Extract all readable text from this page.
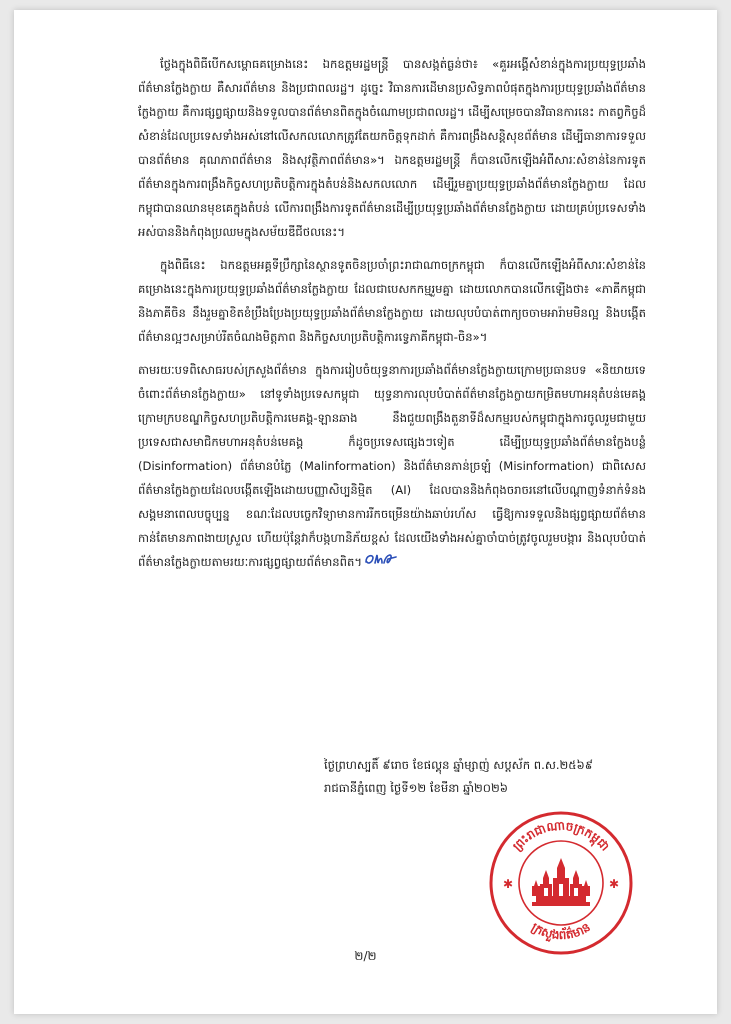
ថ្លែងក្នុងពិធីបើកសម្ពោធគម្រោងនេះ ឯកឧត្តមរដ្ឋមន្ត្រី បានសង្កត់ធ្ងន់ថា៖ «គួរអង្គើសំខាន់ក្នុងការប្រយុទ្ធប្រឆាំងព័ត៌មានក្លែងក្លាយ គឺសារព័ត៌មាន និងប្រជាពលរដ្ឋ។ ដូច្នេះ វិធានការដើមានប្រសិទ្ធភាពបំផុតក្នុងការប្រយុទ្ធប្រឆាំងព័ត៌មានក្លែងក្លាយ គឺការផ្សព្វផ្សាយនិងទទួលបានព័ត៌មានពិតក្នុងចំណោមប្រជាពលរដ្ឋ។ ដើម្បីសម្រេចបានវិធានការនេះ កាតព្វកិច្ចដ៏សំខាន់ដែលប្រទេសទាំងអស់នៅលើសកលលោកត្រូវតែយកចិត្តទុកដាក់ គឺការពង្រឹងសន្តិសុខព័ត៌មាន ដើម្បីធានាការទទួលបានព័ត៌មាន គុណភាពព័ត៌មាន និងសុវត្ថិភាពព័ត៌មាន»។ ឯកឧត្តមរដ្ឋមន្ត្រី ក៏បានលើកឡើងអំពីសារៈសំខាន់នៃការទូតព័ត៌មានក្នុងការពង្រឹងកិច្ចសហប្រតិបត្តិការក្នុងតំបន់និងសកលលោក ដើម្បីរួមគ្នាប្រយុទ្ធប្រឆាំងព័ត៌មានក្លែងក្លាយ ដែលកម្ពុជាបានឈានមុខគេក្នុងតំបន់ លើការពង្រឹងការទូតព័ត៌មានដើម្បីប្រយុទ្ធប្រឆាំងព័ត៌មានក្លែងក្លាយ ដោយគ្រប់ប្រទេសទាំងអស់បាននិងកំពុងប្រឈមក្នុងសម័យឌីជីថលនេះ។

ក្នុងពិធីនេះ ឯកឧត្តមអគ្គទីប្រឹក្សានៃស្ថានទូតចិនប្រចាំព្រះរាជាណាចក្រកម្ពុជា ក៏បានលើកឡើងអំពីសារៈសំខាន់នៃគម្រោងនេះក្នុងការប្រយុទ្ធប្រឆាំងព័ត៌មានក្លែងក្លាយ ដែលជាបេសកកម្មរួមគ្នា ដោយលោកបានលើកឡើងថា៖ «ភាគីកម្ពុជា និងភាគីចិន នឹងរួមគ្នាខិតខំប្រឹងប្រែងប្រយុទ្ធប្រឆាំងព័ត៌មានក្លែងក្លាយ ដោយលុបបំបាត់ពាក្យចចាមអារ៉ាមមិនល្អ និងបង្កើតព័ត៌មានល្អៗសម្រាប់រីតចំណងមិត្តភាព និងកិច្ចសហប្រតិបត្តិការទ្វេភាគីកម្ពុជា-ចិន»។

តាមរយៈបទពិសោធរបស់ក្រសួងព័ត៌មាន ក្នុងការរៀបចំយុទ្ធនាការប្រឆាំងព័ត៌មានក្លែងក្លាយក្រោមប្រធានបទ «និយាយទេ ចំពោះព័ត៌មានក្លែងក្លាយ» នៅទូទាំងប្រទេសកម្ពុជា យុទ្ធនាការលុបបំបាត់ព័ត៌មានក្លែងក្លាយកម្រិតមហាអនុតំបន់មេគង្គ ក្រោមក្របខណ្ឌកិច្ចសហប្រតិបត្តិការមេគង្គ-ឡានឆាង នឹងជួយពង្រឹងតួនាទីដ៏សកម្មរបស់កម្ពុជាក្នុងការចូលរួមជាមួយប្រទេសជាសមាជិកមហាអនុតំបន់មេគង្គ ក៏ដូចប្រទេសផ្សេងៗទៀត ដើម្បីប្រយុទ្ធប្រឆាំងព័ត៌មានក្លែងបន្លំ (Disinformation) ព័ត៌មានបំភ្លៃ (Malinformation) និងព័ត៌មានភាន់ច្រឡំ (Misinformation) ជាពិសេសព័ត៌មានក្លែងក្លាយដែលបង្កើតឡើងដោយបញ្ញាសិប្បនិម្មិត (AI) ដែលបាននិងកំពុងចរាចរនៅលើបណ្តាញទំនាក់ទំនងសង្គមនាពេលបច្ចុប្បន្ន ខណៈដែលបច្ចេកវិទ្យាមានការរីកចម្រើនយ៉ាងឆាប់រហ័ស ធ្វើឱ្យការទទួលនិងផ្សព្វផ្សាយព័ត៌មានកាន់តែមានភាពងាយស្រួល ហើយប៉ុន្តែវាក៏បង្កហានិភ័យខ្ពស់ ដែលយើងទាំងអស់គ្នាចាំបាច់ត្រូវចូលរួមបង្ការ និងលុបបំបាត់ព័ត៌មានក្លែងក្លាយតាមរយៈការផ្សព្វផ្សាយព័ត៌មានពិត។

ថ្ងៃព្រហស្បតិ៍ ៩រោច ខែផល្គុន ឆ្នាំម្សាញ់ សប្តស័ក ព.ស.២៥៦៩
រាជធានីភ្នំពេញ ថ្ងៃទី១២ ខែមីនា ឆ្នាំ២០២៦
ព្រះរាជាណាចក្រកម្ពុជា
ក្រសួងព័ត៌មាន
✱	✱
២/២
